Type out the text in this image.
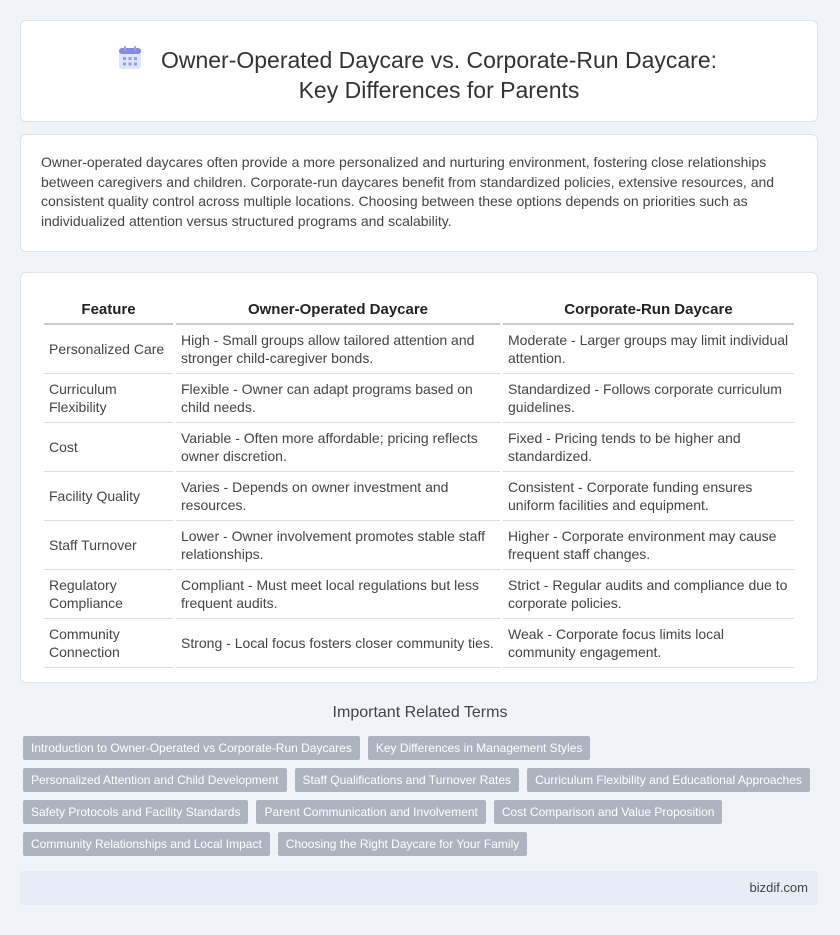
Owner-Operated Daycare vs. Corporate-Run Daycare: Key Differences for Parents

Owner-operated daycares often provide a more personalized and nurturing environment, fostering close relationships between caregivers and children. Corporate-run daycares benefit from standardized policies, extensive resources, and consistent quality control across multiple locations. Choosing between these options depends on priorities such as individualized attention versus structured programs and scalability.

Feature	Owner-Operated Daycare	Corporate-Run Daycare
Personalized Care	High - Small groups allow tailored attention and stronger child-caregiver bonds.	Moderate - Larger groups may limit individual attention.
Curriculum Flexibility	Flexible - Owner can adapt programs based on child needs.	Standardized - Follows corporate curriculum guidelines.
Cost	Variable - Often more affordable; pricing reflects owner discretion.	Fixed - Pricing tends to be higher and standardized.
Facility Quality	Varies - Depends on owner investment and resources.	Consistent - Corporate funding ensures uniform facilities and equipment.
Staff Turnover	Lower - Owner involvement promotes stable staff relationships.	Higher - Corporate environment may cause frequent staff changes.
Regulatory Compliance	Compliant - Must meet local regulations but less frequent audits.	Strict - Regular audits and compliance due to corporate policies.
Community Connection	Strong - Local focus fosters closer community ties.	Weak - Corporate focus limits local community engagement.
Important Related Terms
Introduction to Owner-Operated vs Corporate-Run Daycares	Key Differences in Management Styles
Personalized Attention and Child Development	Staff Qualifications and Turnover Rates	Curriculum Flexibility and Educational Approaches
Safety Protocols and Facility Standards	Parent Communication and Involvement	Cost Comparison and Value Proposition
Community Relationships and Local Impact	Choosing the Right Daycare for Your Family
bizdif.com
